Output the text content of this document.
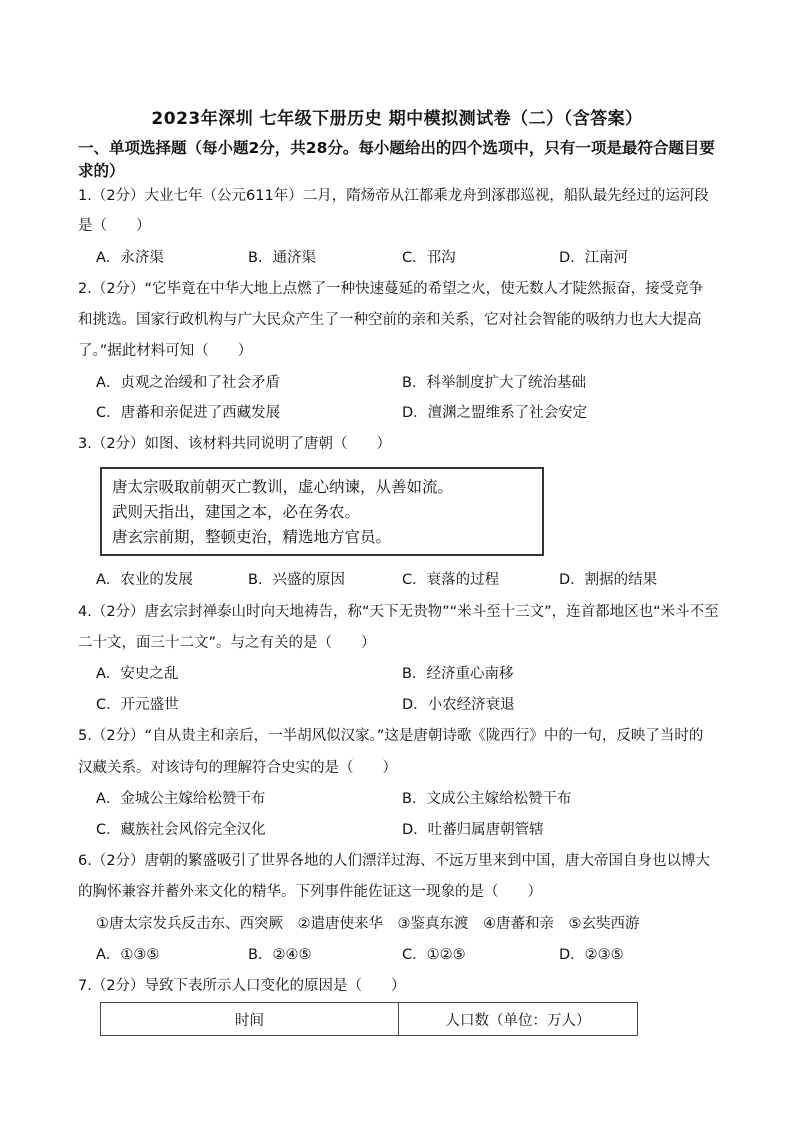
2023年深圳 七年级下册历史 期中模拟测试卷（二）（含答案）
一、单项选择题（每小题2分，共28分。每小题给出的四个选项中，只有一项是最符合题目要求的）
1.（2分）大业七年（公元611年）二月，隋炀帝从江都乘龙舟到涿郡巡视，船队最先经过的运河段
是（　　）
A．永济渠	B．通济渠	C．邗沟	D．江南河
2.（2分）“它毕竟在中华大地上点燃了一种快速蔓延的希望之火，使无数人才陡然振奋，接受竞争
和挑选。国家行政机构与广大民众产生了一种空前的亲和关系，它对社会智能的吸纳力也大大提高
了。”据此材料可知（　　）
A．贞观之治缓和了社会矛盾	B．科举制度扩大了统治基础
C．唐蕃和亲促进了西藏发展	D．澶渊之盟维系了社会安定
3.（2分）如图、该材料共同说明了唐朝（　　）
唐太宗吸取前朝灭亡教训，虚心纳谏，从善如流。
武则天指出，建国之本，必在务农。
唐玄宗前期，整顿吏治，精选地方官员。
A．农业的发展	B．兴盛的原因	C．衰落的过程	D．割据的结果
4.（2分）唐玄宗封禅泰山时向天地祷告，称“天下无贵物”“米斗至十三文”，连首都地区也“米斗不至
二十文，面三十二文”。与之有关的是（　　）
A．安史之乱	B．经济重心南移
C．开元盛世	D．小农经济衰退
5.（2分）“自从贵主和亲后，一半胡风似汉家。”这是唐朝诗歌《陇西行》中的一句，反映了当时的
汉藏关系。对该诗句的理解符合史实的是（　　）
A．金城公主嫁给松赞干布	B．文成公主嫁给松赞干布
C．藏族社会风俗完全汉化	D．吐蕃归属唐朝管辖
6.（2分）唐朝的繁盛吸引了世界各地的人们漂洋过海、不远万里来到中国，唐大帝国自身也以博大
的胸怀兼容并蓄外来文化的精华。下列事件能佐证这一现象的是（　　）
①唐太宗发兵反击东、西突厥　②遣唐使来华　③鉴真东渡　④唐蕃和亲　⑤玄奘西游
A．①③⑤	B．②④⑤	C．①②⑤	D．②③⑤
7.（2分）导致下表所示人口变化的原因是（　　）
时间	人口数（单位：万人）
